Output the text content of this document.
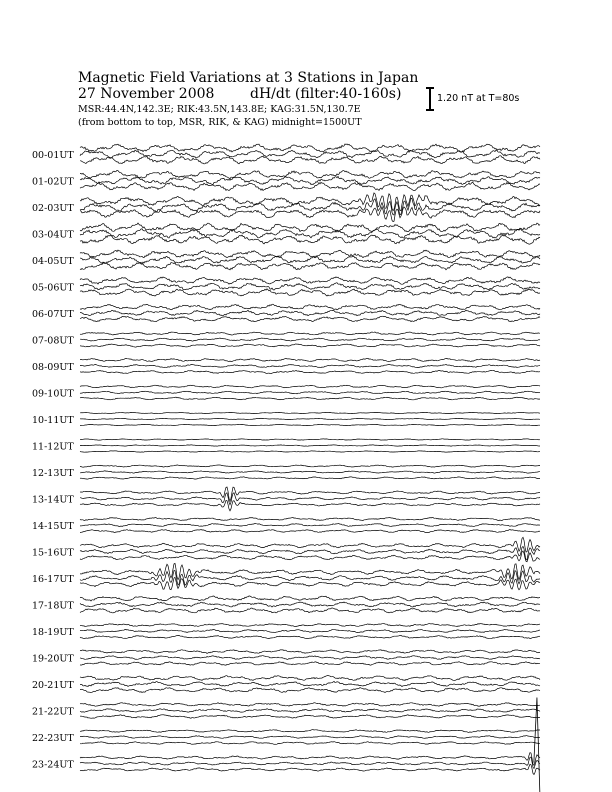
Magnetic Field Variations at 3 Stations in Japan
27 November 2008	dH/dt (filter:40-160s)
MSR:44.4N,142.3E; RIK:43.5N,143.8E; KAG:31.5N,130.7E
(from bottom to top, MSR, RIK, & KAG) midnight=1500UT
1.20 nT at T=80s
00-01UT
01-02UT
02-03UT
03-04UT
04-05UT
05-06UT
06-07UT
07-08UT
08-09UT
09-10UT
10-11UT
11-12UT
12-13UT
13-14UT
14-15UT
15-16UT
16-17UT
17-18UT
18-19UT
19-20UT
20-21UT
21-22UT
22-23UT
23-24UT
